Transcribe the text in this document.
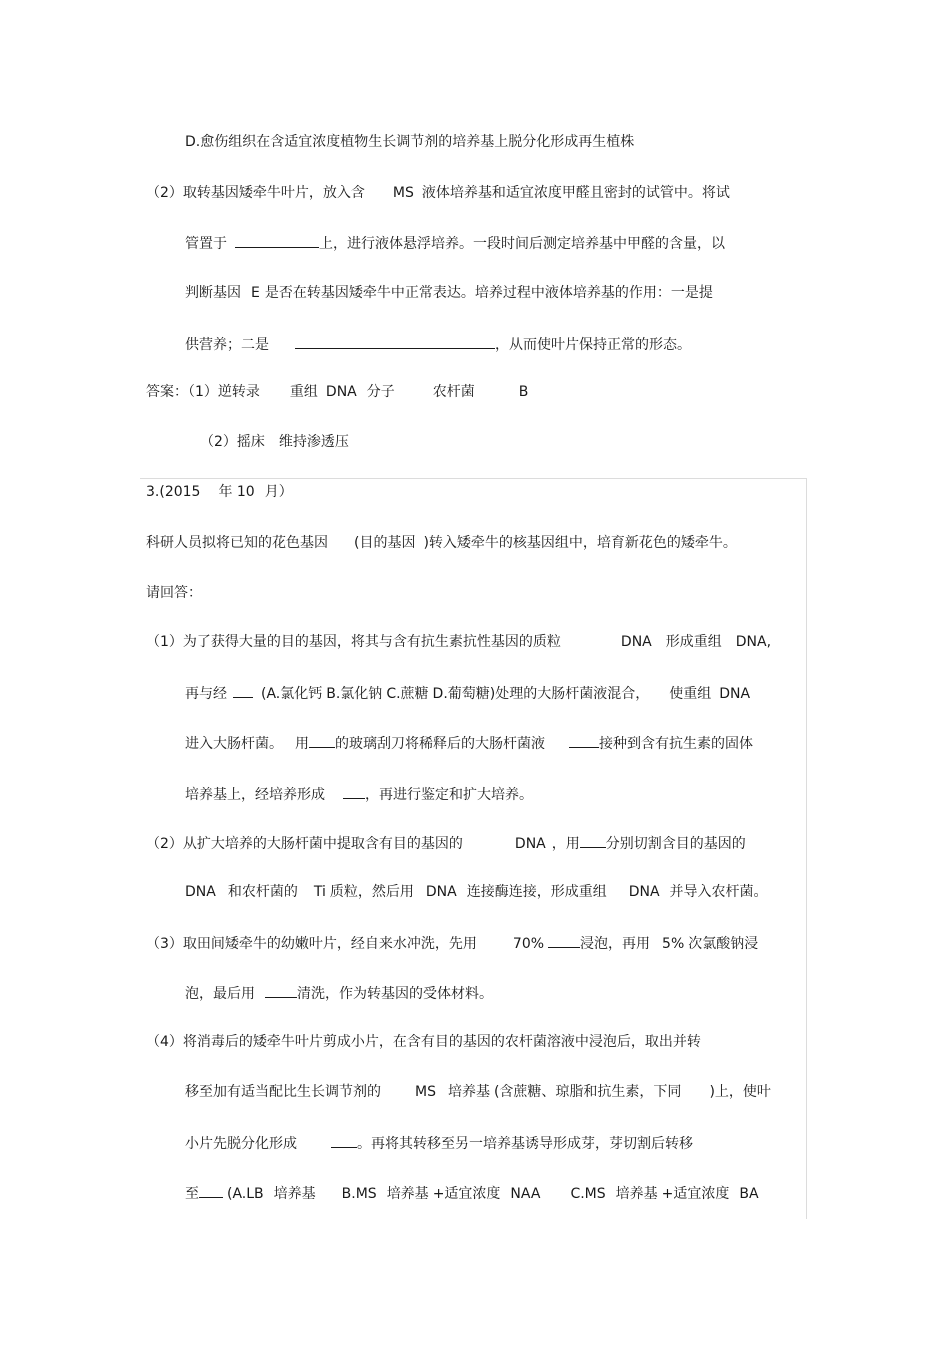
D.愈伤组织在含适宜浓度植物生长调节剂的培养基上脱分化形成再生植株
（2）取转基因矮牵牛叶片，放入含 MS 液体培养基和适宜浓度甲醛且密封的试管中。将试
管置于	上，进行液体悬浮培养。一段时间后测定培养基中甲醛的含量，以
判断基因 E 是否在转基因矮牵牛中正常表达。培养过程中液体培养基的作用：一是提
供营养；二是	，从而使叶片保持正常的形态。
答案：（1）逆转录 重组 DNA 分子	农杆菌	B
（2）摇床 维持渗透压
3.(2015 年 10 月）
科研人员拟将已知的花色基因 (目的基因 )转入矮牵牛的核基因组中，培育新花色的矮牵牛。
请回答：
（1）为了获得大量的目的基因，将其与含有抗生素抗性基因的质粒	DNA 形成重组 DNA,
再与经 (A.氯化钙 B.氯化钠 C.蔗糖 D.葡萄糖)处理的大肠杆菌液混合， 使重组 DNA
进入大肠杆菌。 用 的玻璃刮刀将稀释后的大肠杆菌液	接种到含有抗生素的固体
培养基上，经培养形成	，再进行鉴定和扩大培养。
（2）从扩大培养的大肠杆菌中提取含有目的基因的	DNA ，用 分别切割含目的基因的
DNA 和农杆菌的 Ti 质粒，然后用 DNA 连接酶连接，形成重组 DNA 并导入农杆菌。
（3）取田间矮牵牛的幼嫩叶片，经自来水冲洗，先用	70%	浸泡，再用 5% 次氯酸钠浸
泡，最后用	清洗，作为转基因的受体材料。
（4）将消毒后的矮牵牛叶片剪成小片，在含有目的基因的农杆菌溶液中浸泡后，取出并转
移至加有适当配比生长调节剂的 MS 培养基 (含蔗糖、琼脂和抗生素，下同 )上，使叶
小片先脱分化形成	。再将其转移至另一培养基诱导形成芽，芽切割后转移
至 (A.LB 培养基 B.MS 培养基 +适宜浓度 NAA C.MS 培养基 +适宜浓度 BA
